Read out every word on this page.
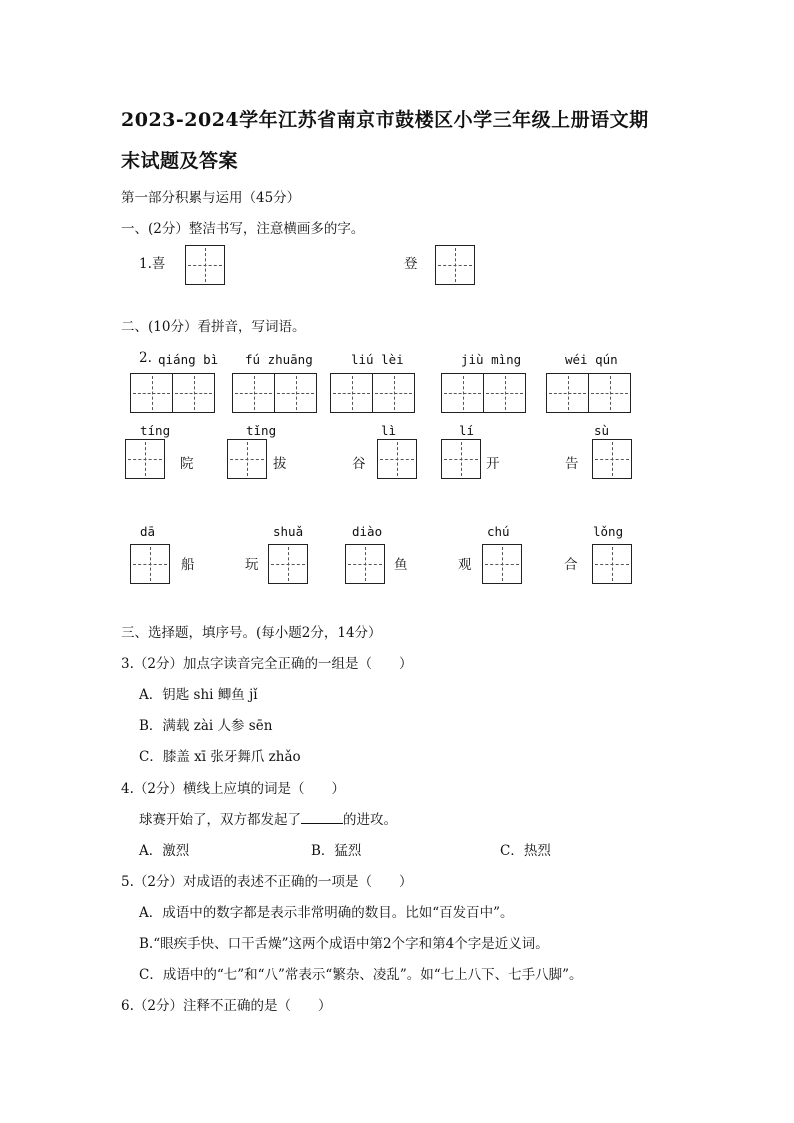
2023-2024学年江苏省南京市鼓楼区小学三年级上册语文期
末试题及答案
第一部分积累与运用（45分）
一、(2分）整洁书写，注意横画多的字。
1.喜	登
二、(10分）看拼音，写词语。
2. qiáng bì fú zhuāng	liú lèi	jiù mìng	wéi qún
tíng
院
tǐng
拔
lì
谷
lí
开
sù
告
dā
船
shuǎ
玩
diào
鱼
chú
观
lǒng
合
三、选择题，填序号。(每小题2分，14分）
3.（2分）加点字读音完全正确的一组是（　　）
A．钥匙 shi 鲫鱼 jǐ
B．满载 zài 人参 sēn
C．膝盖 xī 张牙舞爪 zhǎo
4.（2分）横线上应填的词是（　　）
球赛开始了，双方都发起了	的进攻。
A．激烈	B．猛烈	C．热烈
5.（2分）对成语的表述不正确的一项是（　　）
A．成语中的数字都是表示非常明确的数目。比如“百发百中”。
B.“眼疾手快、口干舌燥”这两个成语中第2个字和第4个字是近义词。
C．成语中的“七”和“八”常表示“繁杂、凌乱”。如“七上八下、七手八脚”。
6.（2分）注释不正确的是（　　）
